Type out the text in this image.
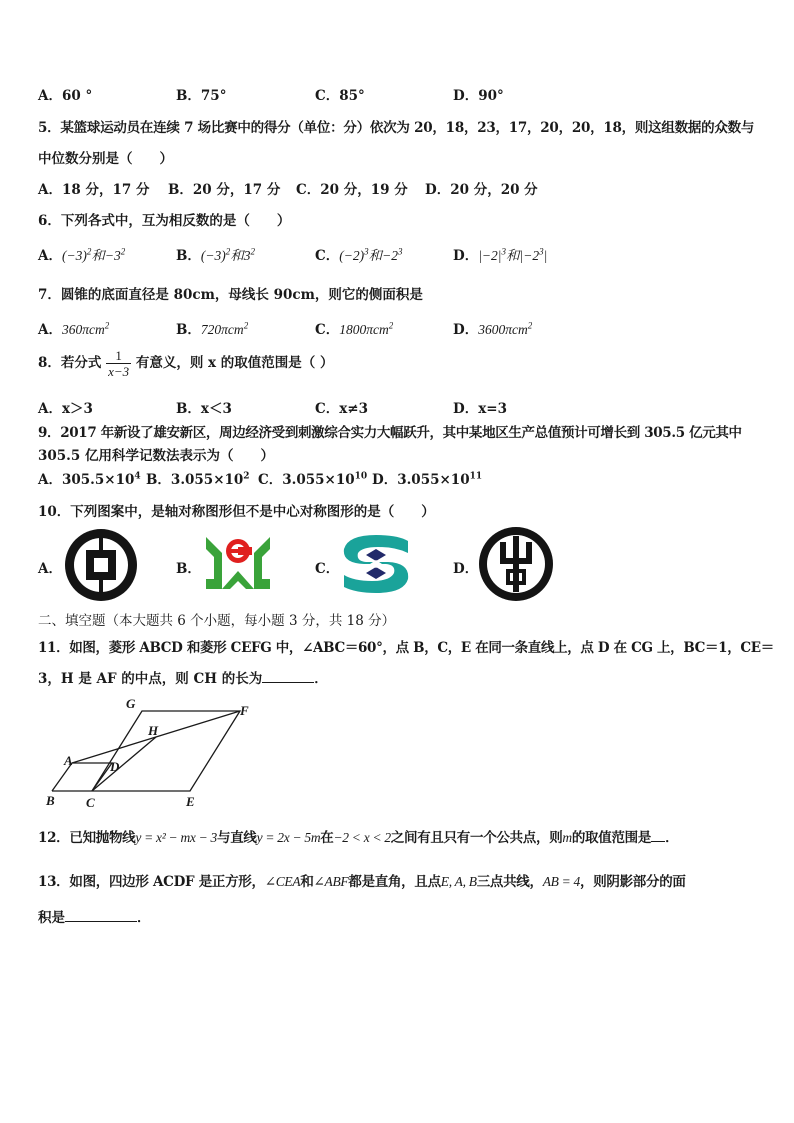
A．60 °	B．75°	C．85°	D．90°
5．某篮球运动员在连续 7 场比赛中的得分（单位：分）依次为 20，18，23，17，20，20，18，则这组数据的众数与
中位数分别是（　　）
A．18 分，17 分 B．20 分，17 分 C．20 分，19 分 D．20 分，20 分
6．下列各式中，互为相反数的是（　　）
A．$(-3)^2$和$-3^2$	B．$(-3)^2$和$3^2$	C．$(-2)^3$和$-2^3$	D．$|-2|^3$和$|-2^3|$
7．圆锥的底面直径是 80cm，母线长 90cm，则它的侧面积是
A．360πcm$^2$	B．720πcm$^2$	C．1800πcm$^2$	D．3600πcm$^2$
8．若分式 $\frac{1}{x-3}$ 有意义，则 x 的取值范围是（ ）
A．x＞3	B．x＜3	C．x≠3	D．x=3
9．2017 年新设了雄安新区，周边经济受到刺激综合实力大幅跃升，其中某地区生产总值预计可增长到 305.5 亿元其中
305.5 亿用科学记数法表示为（　　）
A．$305.5\times 10^4$ B．$3.055\times 10^2$ C．$3.055\times 10^{10}$ D．$3.055\times 10^{11}$
10．下列图案中，是轴对称图形但不是中心对称图形的是（　　）
A．	B．	C．	D．
二、填空题（本大题共 6 个小题，每小题 3 分，共 18 分）
11．如图，菱形 ABCD 和菱形 CEFG 中，∠ABC＝60°，点 B，C，E 在同一条直线上，点 D 在 CG 上，BC＝1，CE＝
3，H 是 AF 的中点，则 CH 的长为	．
G	F
H
A	D
B C	E
12．已知抛物线y = x² − mx − 3与直线y = 2x − 5m在−2 < x < 2之间有且只有一个公共点，则m的取值范围是 ．
13．如图，四边形 ACDF 是正方形，∠CEA和∠ABF都是直角，且点E, A, B三点共线，AB = 4，则阴影部分的面
积是	．
